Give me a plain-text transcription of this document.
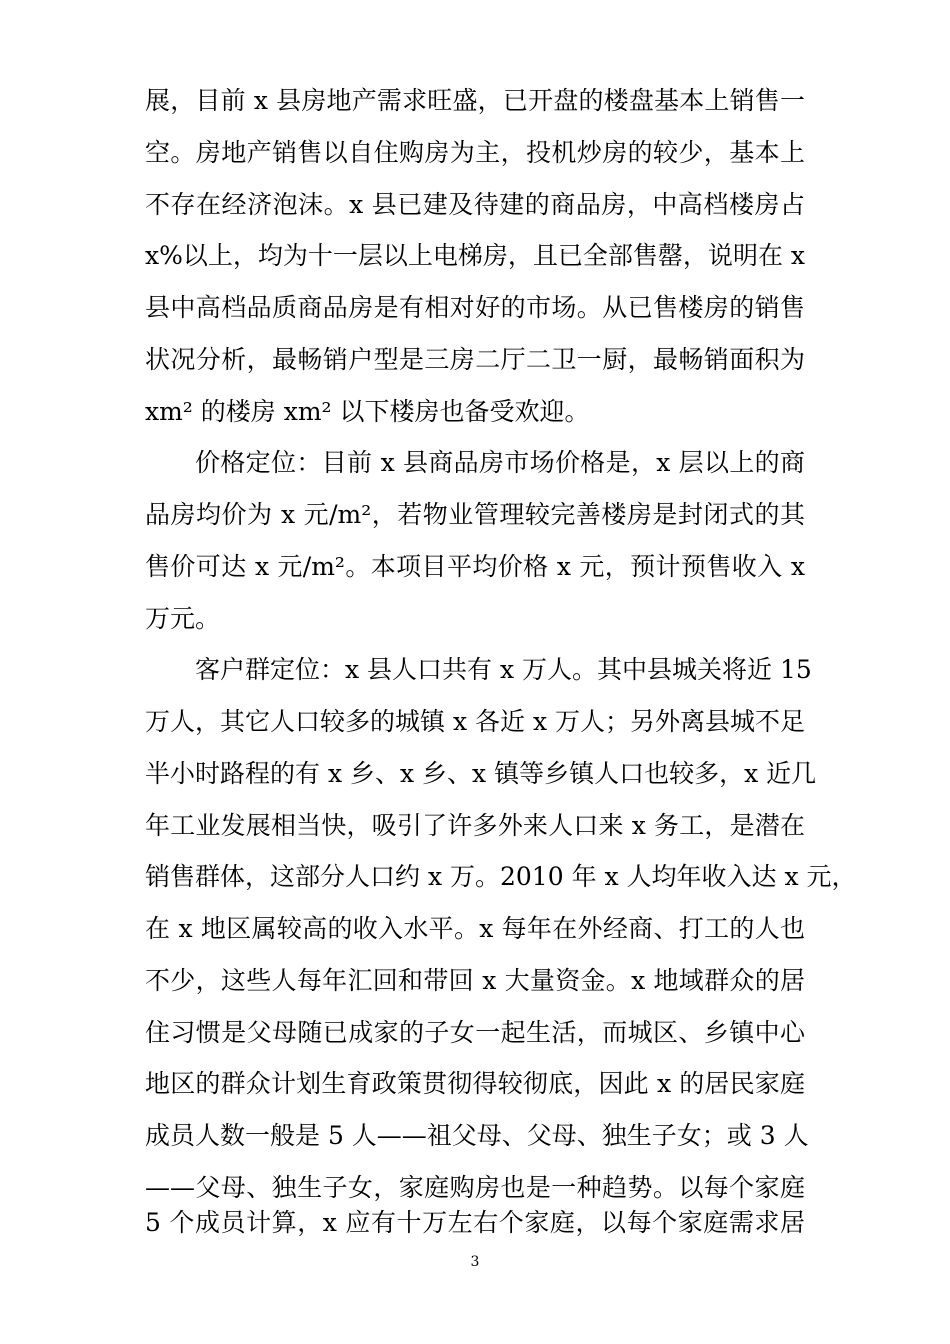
展，目前 x 县房地产需求旺盛，已开盘的楼盘基本上销售一
空。房地产销售以自住购房为主，投机炒房的较少，基本上
不存在经济泡沫。x 县已建及待建的商品房，中高档楼房占
x%以上，均为十一层以上电梯房，且已全部售罄，说明在 x
县中高档品质商品房是有相对好的市场。从已售楼房的销售
状况分析，最畅销户型是三房二厅二卫一厨，最畅销面积为
xm² 的楼房 xm² 以下楼房也备受欢迎。
价格定位：目前 x 县商品房市场价格是，x 层以上的商
品房均价为 x 元/m²，若物业管理较完善楼房是封闭式的其
售价可达 x 元/m²。本项目平均价格 x 元，预计预售收入 x
万元。
客户群定位：x 县人口共有 x 万人。其中县城关将近 15
万人，其它人口较多的城镇 x 各近 x 万人；另外离县城不足
半小时路程的有 x 乡、x 乡、x 镇等乡镇人口也较多，x 近几
年工业发展相当快，吸引了许多外来人口来 x 务工，是潜在
销售群体，这部分人口约 x 万。2010 年 x 人均年收入达 x 元，
在 x 地区属较高的收入水平。x 每年在外经商、打工的人也
不少，这些人每年汇回和带回 x 大量资金。x 地域群众的居
住习惯是父母随已成家的子女一起生活，而城区、乡镇中心
地区的群众计划生育政策贯彻得较彻底，因此 x 的居民家庭
成员人数一般是 5 人——祖父母、父母、独生子女；或 3 人
——父母、独生子女，家庭购房也是一种趋势。以每个家庭
5 个成员计算，x 应有十万左右个家庭，以每个家庭需求居
3
